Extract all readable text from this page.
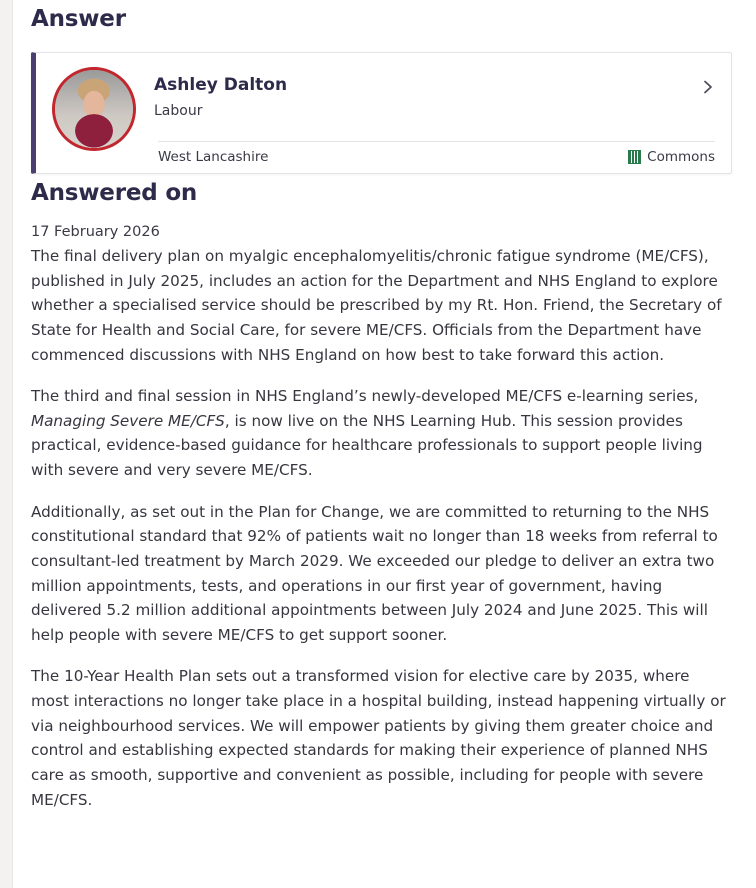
Answer
Ashley Dalton
Labour
West Lancashire	Commons
Answered on
17 February 2026

The final delivery plan on myalgic encephalomyelitis/chronic fatigue syndrome (ME/CFS), published in July 2025, includes an action for the Department and NHS England to explore whether a specialised service should be prescribed by my Rt. Hon. Friend, the Secretary of State for Health and Social Care, for severe ME/CFS. Officials from the Department have commenced discussions with NHS England on how best to take forward this action.

The third and final session in NHS England’s newly-developed ME/CFS e-learning series, Managing Severe ME/CFS, is now live on the NHS Learning Hub. This session provides practical, evidence-based guidance for healthcare professionals to support people living with severe and very severe ME/CFS.

Additionally, as set out in the Plan for Change, we are committed to returning to the NHS constitutional standard that 92% of patients wait no longer than 18 weeks from referral to consultant-led treatment by March 2029. We exceeded our pledge to deliver an extra two million appointments, tests, and operations in our first year of government, having delivered 5.2 million additional appointments between July 2024 and June 2025. This will help people with severe ME/CFS to get support sooner.

The 10-Year Health Plan sets out a transformed vision for elective care by 2035, where most interactions no longer take place in a hospital building, instead happening virtually or via neighbourhood services. We will empower patients by giving them greater choice and control and establishing expected standards for making their experience of planned NHS care as smooth, supportive and convenient as possible, including for people with severe ME/CFS.
